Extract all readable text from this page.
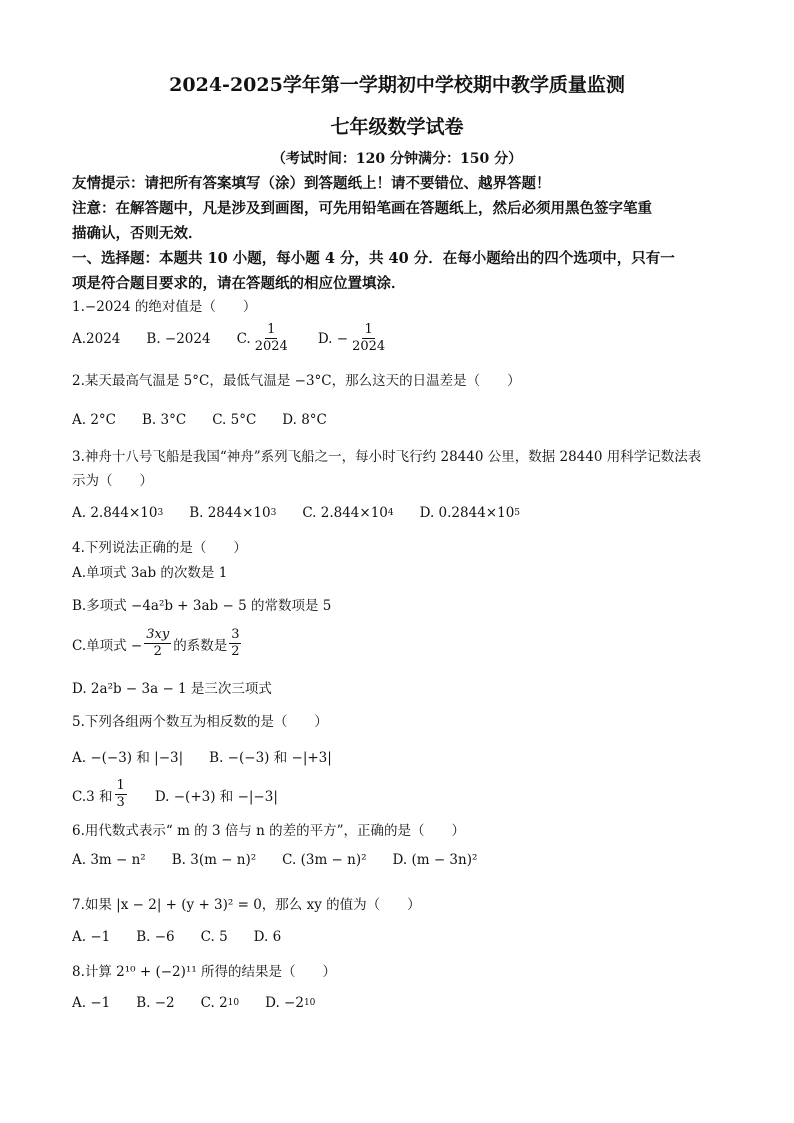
2024-2025学年第一学期初中学校期中教学质量监测
七年级数学试卷
（考试时间：120 分钟满分：150 分）
友情提示：请把所有答案填写（涂）到答题纸上！请不要错位、越界答题！
注意：在解答题中，凡是涉及到画图，可先用铅笔画在答题纸上，然后必须用黑色签字笔重
描确认，否则无效．
一、选择题：本题共 10 小题，每小题 4 分，共 40 分．在每小题给出的四个选项中，只有一
项是符合题目要求的，请在答题纸的相应位置填涂．
1.−2024 的绝对值是（　　）
A.2024 B. −2024 C. $\frac{1}{2024} D$. − $\frac{1}{2024}$
2.某天最高气温是 5°C，最低气温是 −3°C，那么这天的日温差是（　　）
A. 2°C B. 3°C C. 5°C D. 8°C
3.神舟十八号飞船是我国“神舟”系列飞船之一，每小时飞行约 28440 公里，数据 28440 用科学记数法表
示为（　　）
A. 2.844×10 3 B. 2844×10 3 C. 2.844×10 4 D. 0.2844×10 5
4.下列说法正确的是（　　）
A.单项式 3ab 的次数是 1
B.多项式 −4a²b + 3ab − 5 的常数项是 5
C.单项式 − $\frac{3xy}{2}$ 的系数是 $\frac{3}{2}$
D. 2a²b − 3a − 1 是三次三项式
5.下列各组两个数互为相反数的是（　　）
A. −(−3) 和 |−3| B. −(−3) 和 −|+3|
C.3 和 $\frac{1}{3} D$. −(+3) 和 −|−3|
6.用代数式表示“ m 的 3 倍与 n 的差的平方”，正确的是（　　）
A. 3m − n² B. 3(m − n)² C. (3m − n)² D. (m − 3n)²
7.如果 |x − 2| + (y + 3)² = 0，那么 xy 的值为（　　）
A. −1 B. −6 C. 5 D. 6
8.计算 2¹⁰ + (−2)¹¹ 所得的结果是（　　）
A. −1 B. −2 C. 2 10 D. −2 10
